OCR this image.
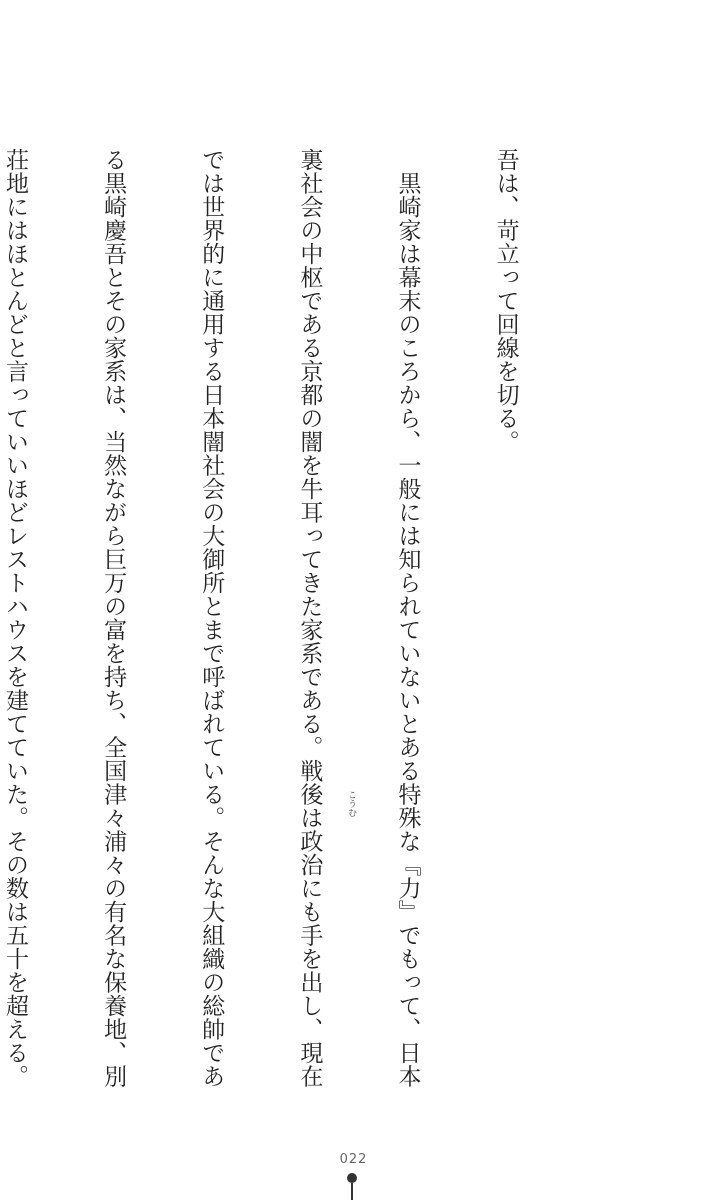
吾は、苛立って回線を切る。

　黒崎家は幕末のころから、一般には知られていないとある特殊な『力』でもって、日本

裏社会の中枢である京都の闇を牛耳ってきた家系である。戦後は政治にも手を出し、現在

では世界的に通用する日本闇社会の大御所とまで呼ばれている。そんな大組織の総帥であ

る黒崎慶吾とその家系は、当然ながら巨万の富を持ち、全国津々浦々の有名な保養地、別

荘地にはほとんどと言っていいほどレストハウスを建てていた。その数は五十を超える。

	こうむ
022
